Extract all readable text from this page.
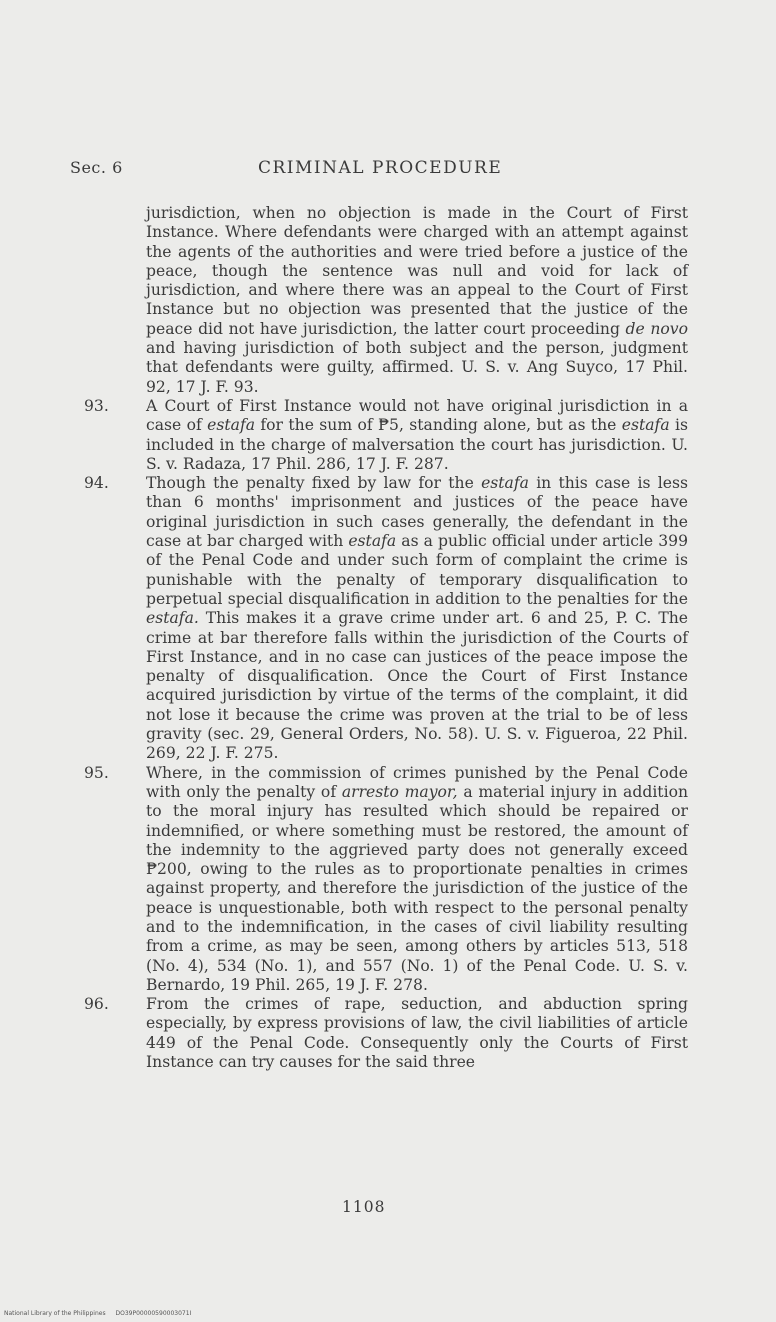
Sec. 6	CRIMINAL PROCEDURE

jurisdiction, when no objection is made in the Court of First Instance. Where defendants were charged with an attempt against the agents of the authorities and were tried before a justice of the peace, though the sentence was null and void for lack of jurisdiction, and where there was an appeal to the Court of First Instance but no objection was presented that the justice of the peace did not have jurisdiction, the latter court proceeding de novo and having jurisdiction of both subject and the person, judgment that defendants were guilty, affirmed. U. S. v. Ang Suyco, 17 Phil. 92, 17 J. F. 93.

93. A Court of First Instance would not have original jurisdiction in a case of estafa for the sum of ₱5, standing alone, but as the estafa is included in the charge of malversation the court has jurisdiction. U. S. v. Radaza, 17 Phil. 286, 17 J. F. 287.

94. Though the penalty fixed by law for the estafa in this case is less than 6 months' imprisonment and justices of the peace have original jurisdiction in such cases generally, the defendant in the case at bar charged with estafa as a public official under article 399 of the Penal Code and under such form of complaint the crime is punishable with the penalty of temporary disqualification to perpetual special disqualification in addition to the penalties for the estafa. This makes it a grave crime under art. 6 and 25, P. C. The crime at bar therefore falls within the jurisdiction of the Courts of First Instance, and in no case can justices of the peace impose the penalty of disqualification. Once the Court of First Instance acquired jurisdiction by virtue of the terms of the complaint, it did not lose it because the crime was proven at the trial to be of less gravity (sec. 29, General Orders, No. 58). U. S. v. Figueroa, 22 Phil. 269, 22 J. F. 275.

95. Where, in the commission of crimes punished by the Penal Code with only the penalty of arresto mayor, a material injury in addition to the moral injury has resulted which should be repaired or indemnified, or where something must be restored, the amount of the indemnity to the aggrieved party does not generally exceed ₱200, owing to the rules as to proportionate penalties in crimes against property, and therefore the jurisdiction of the justice of the peace is unquestionable, both with respect to the personal penalty and to the indemnification, in the cases of civil liability resulting from a crime, as may be seen, among others by articles 513, 518 (No. 4), 534 (No. 1), and 557 (No. 1) of the Penal Code. U. S. v. Bernardo, 19 Phil. 265, 19 J. F. 278.

96. From the crimes of rape, seduction, and abduction spring especially, by express provisions of law, the civil liabilities of article 449 of the Penal Code. Consequently only the Courts of First Instance can try causes for the said three

1108
National Library of the Philippines DO39P00000590003071I
